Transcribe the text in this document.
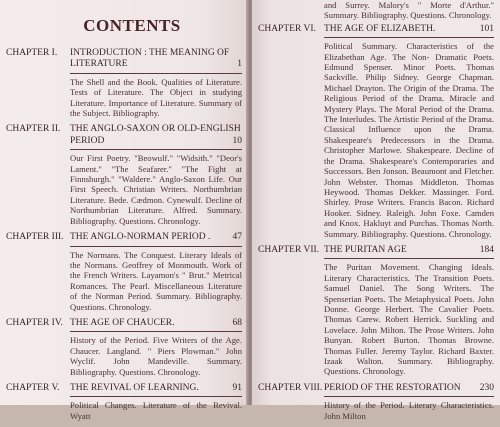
CONTENTS
CHAPTER I.	INTRODUCTION : THE MEANING OF
LITERATURE	1
The Shell and the Book. Qualities of Literature. Tests of Literature. The Object in studying Literature. Importance of Literature. Summary of the Subject. Bibliography.
CHAPTER II.	THE ANGLO-SAXON OR OLD-ENGLISH
PERIOD	10
Our First Poetry. "Beowulf." "Widsith." "Deor's Lament." "The Seafarer." "The Fight at Finnsburgh." "Waldere." Anglo-Saxon Life. Our First Speech. Christian Writers. Northumbrian Literature. Bede. Cædmon. Cynewulf. Decline of Northumbrian Literature. Alfred. Summary. Bibliography. Questions. Chronology.
CHAPTER III. THE ANGLO-NORMAN PERIOD .	47
The Normans. The Conquest. Literary Ideals of the Normans. Geoffrey of Monmouth. Work of the French Writers. Layamon's " Brut." Metrical Romances. The Pearl. Miscellaneous Literature of the Norman Period. Summary. Bibliography. Questions. Chronology.
CHAPTER IV. THE AGE OF CHAUCER.	68
History of the Period. Five Writers of the Age. Chaucer. Langland. " Piers Plowman." John Wyclif. John Mandeville. Summary. Bibliography. Questions. Chronology.
CHAPTER V.	THE REVIVAL OF LEARNING.	91
Political Changes. Literature of the Revival. Wyatt
and Surrey. Malory's " Morte d'Arthur." Summary. Bibliography. Questions. Chronology.
CHAPTER VI. THE AGE OF ELIZABETH.	101
Political Summary. Characteristics of the Elizabethan Age. The Non- Dramatic Poets. Edmund Spenser. Minor Poets. Thomas Sackville. Philip Sidney. George Chapman. Michael Drayton. The Origin of the Drama. The Religious Period of the Drama. Miracle and Mystery Plays. The Moral Period of the Drama. The Interludes. The Artistic Period of the Drama. Classical Influence upon the Drama. Shakespeare's Predecessors in the Drama. Christopher Marlowe. Shakespeare. Decline of the Drama. Shakespeare's Contemporaries and Successors. Ben Jonson. Beaumont and Fletcher. John Webster. Thomas Middleton. Thomas Heywood. Thomas Dekker. Massinger. Ford. Shirley. Prose Writers. Francis Bacon. Richard Hooker. Sidney. Raleigh. John Foxe. Camden and Knox. Hakluyt and Purchas. Thomas North. Summary. Bibliography. Questions. Chronology.
CHAPTER VII. THE PURITAN AGE	184
The Puritan Movement. Changing Ideals. Literary Characteristics. The Transition Poets. Samuel Daniel. The Song Writers. The Spenserian Poets. The Metaphysical Poets. John Donne. George Herbert. The Cavalier Poets. Thomas Carew. Robert Herrick. Suckling and Lovelace. John Milton. The Prose Writers. John Bunyan. Robert Burton. Thomas Browne. Thomas Fuller. Jeremy Taylor. Richard Baxter. Izaak Walton. Summary. Bibliography. Questions. Chronology.
CHAPTER VIII. PERIOD OF THE RESTORATION	230
History of the Period. Literary Characteristics. John Milton
